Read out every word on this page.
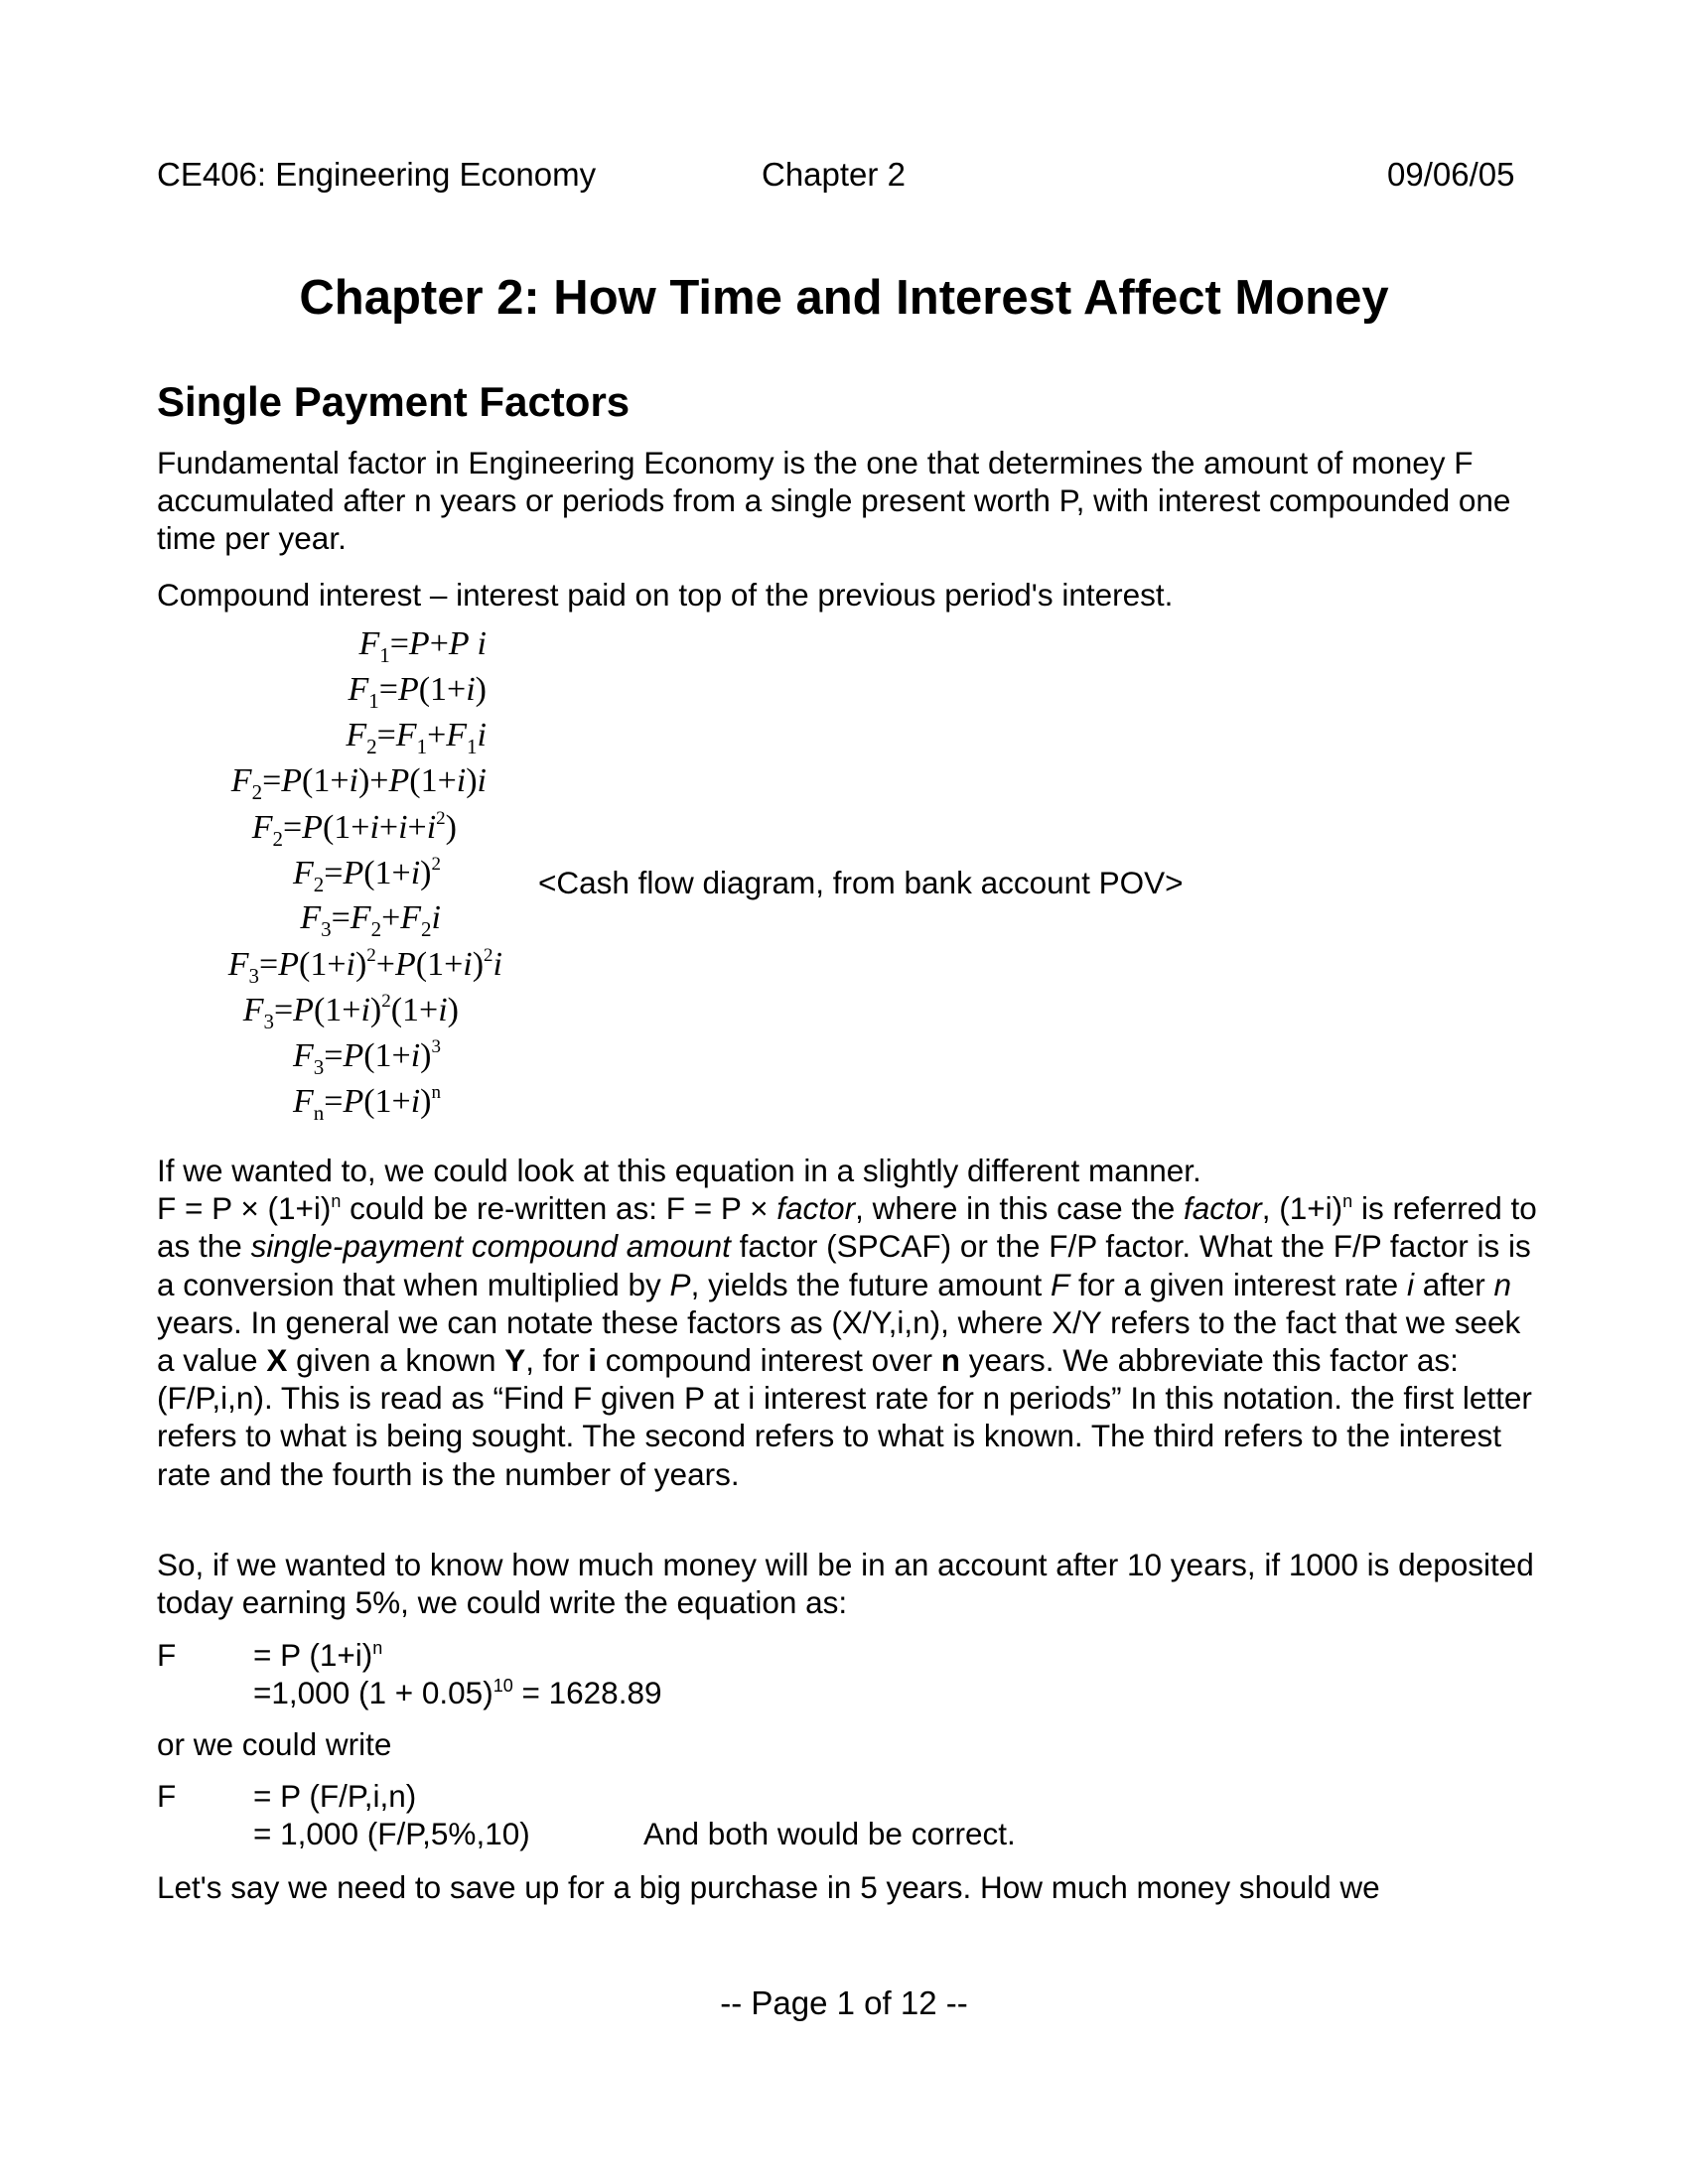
CE406: Engineering Economy	Chapter 2	09/06/05
Chapter 2: How Time and Interest Affect Money
Single Payment Factors
Fundamental factor in Engineering Economy is the one that determines the amount of money F accumulated after n years or periods from a single present worth P, with interest compounded one time per year.
Compound interest – interest paid on top of the previous period's interest.
$F_1=P+P$ i
$F_1=P(1+i)$
$F_2=F_1+F_1i$
$F_2=P(1+i)+P(1+i)i$
$F_2=P(1+i+i+i^2)$
$F_2=P(1+i)^2$
$F_3=F_2+F_2i$
$F_3=P(1+i)^2+P(1+i)^2i$
$F_3=P(1+i)^2(1+i)$
$F_3=P(1+i)^3$
$F_n=P(1+i)^n$
<Cash flow diagram, from bank account POV>
If we wanted to, we could look at this equation in a slightly different manner.
$F = P \times (1+i)^n$ could be re-written as: F = P × factor, where in this case the factor, $(1+i)^n$ is referred to as the single-payment compound amount factor (SPCAF) or the F/P factor. What the F/P factor is is a conversion that when multiplied by P, yields the future amount F for a given interest rate i after n years. In general we can notate these factors as (X/Y,i,n), where X/Y refers to the fact that we seek a value X given a known Y, for i compound interest over n years. We abbreviate this factor as: (F/P,i,n). This is read as “Find F given P at i interest rate for n periods” In this notation. the first letter refers to what is being sought. The second refers to what is known. The third refers to the interest rate and the fourth is the number of years.
So, if we wanted to know how much money will be in an account after 10 years, if 1000 is deposited today earning 5%, we could write the equation as:
F = P $(1+i)^n$
=1,000 $(1 + 0.05)^{10} = 1628.89$
or we could write
F = P (F/P,i,n)
= 1,000 (F/P,5%,10)	And both would be correct.
Let's say we need to save up for a big purchase in 5 years. How much money should we
-- Page 1 of 12 --
